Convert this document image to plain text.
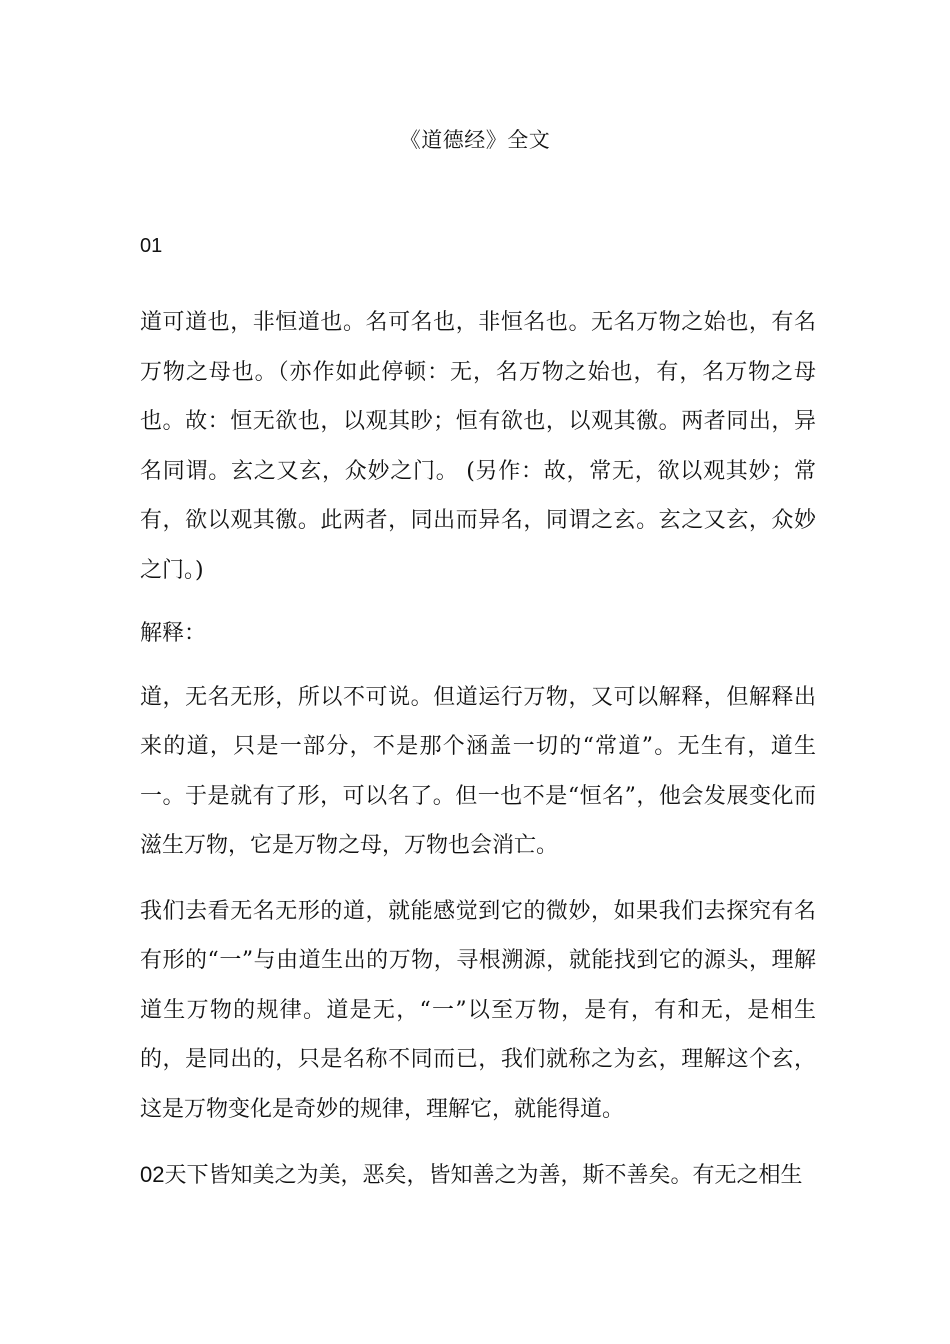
《道德经》全文

01

道可道也，非恒道也。名可名也，非恒名也。无名万物之始也，有名万物之母也。（亦作如此停顿：无，名万物之始也，有，名万物之母也。故：恒无欲也，以观其眇；恒有欲也，以观其徼。两者同出，异名同谓。玄之又玄，众妙之门。 (另作：故，常无，欲以观其妙；常有，欲以观其徼。此两者，同出而异名，同谓之玄。玄之又玄，众妙之门。)

解释：

道，无名无形，所以不可说。但道运行万物，又可以解释，但解释出来的道，只是一部分，不是那个涵盖一切的“常道”。无生有，道生一。于是就有了形，可以名了。但一也不是“恒名”，他会发展变化而滋生万物，它是万物之母，万物也会消亡。

我们去看无名无形的道，就能感觉到它的微妙，如果我们去探究有名有形的“一”与由道生出的万物，寻根溯源，就能找到它的源头，理解道生万物的规律。道是无，“一”以至万物，是有，有和无，是相生的，是同出的，只是名称不同而已，我们就称之为玄，理解这个玄，这是万物变化是奇妙的规律，理解它，就能得道。

02天下皆知美之为美，恶矣，皆知善之为善，斯不善矣。有无之相生
